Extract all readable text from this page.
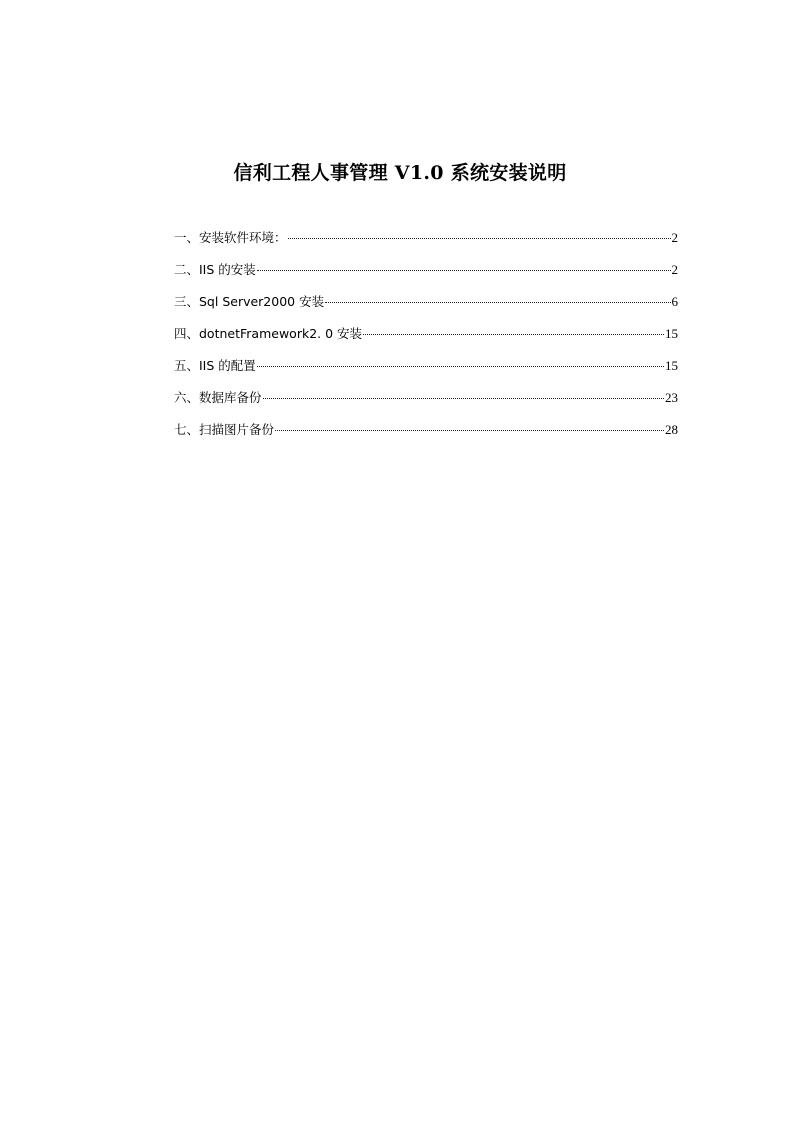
信利工程人事管理 V1.0 系统安装说明
一、安装软件环境：	2
二、IIS 的安装	2
三、Sql Server2000 安装	6
四、dotnetFramework2. 0 安装	15
五、IIS 的配置	15
六、数据库备份	23
七、扫描图片备份	28
